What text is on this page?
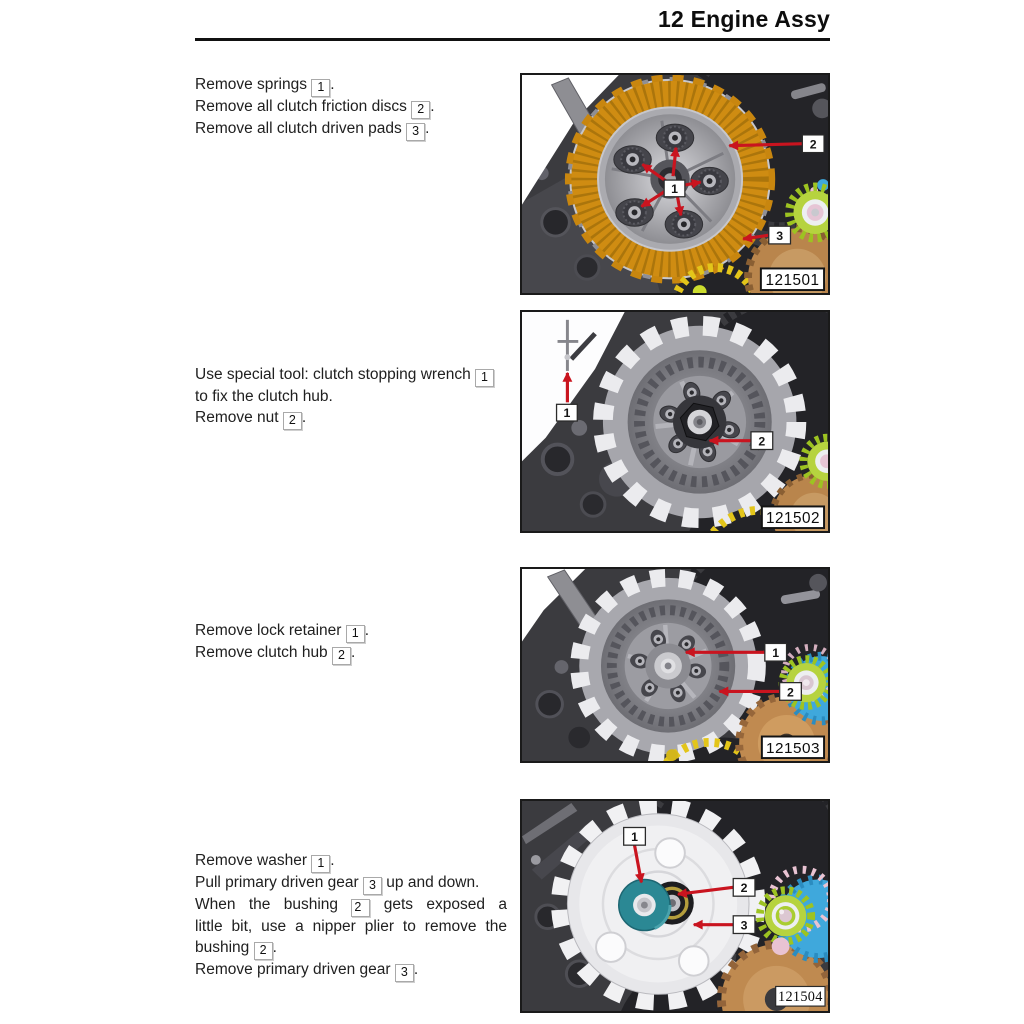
12 Engine Assy
Remove springs 1 .
Remove all clutch friction discs 2 .
Remove all clutch driven pads 3 .
Use special tool: clutch stopping wrench 1
to fix the clutch hub.
Remove nut 2 .
Remove lock retainer 1 .
Remove clutch hub 2 .
Remove washer 1 .
Pull primary driven gear 3 up and down.
When the bushing 2 gets exposed a
little bit, use a nipper plier to remove the
bushing 2 .
Remove primary driven gear 3 .
1
2
3
121501
1
2
121502
1
2
121503
1
2
3
121504
